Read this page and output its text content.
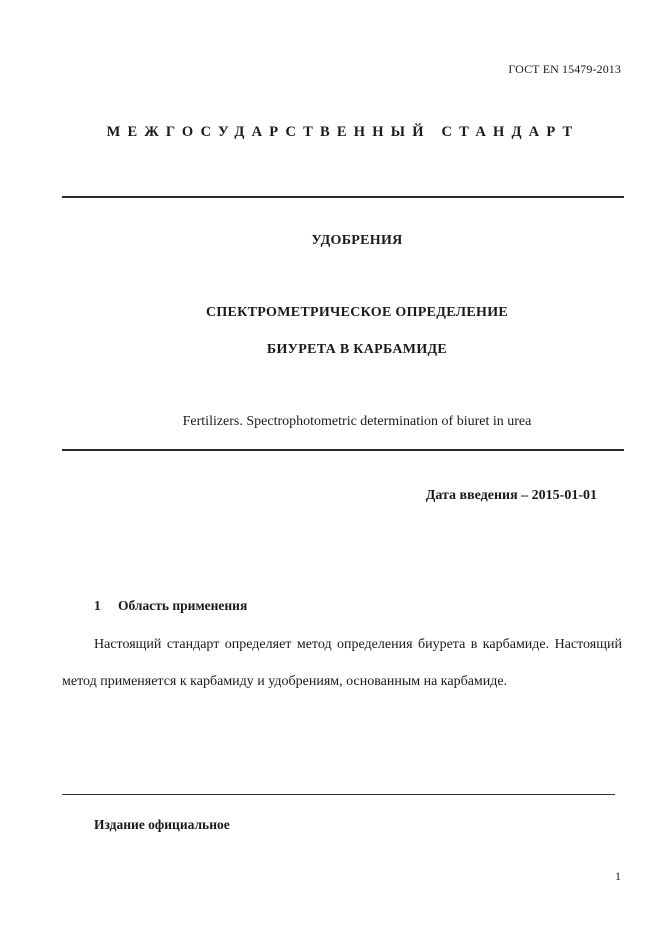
ГОСТ EN 15479-2013
МЕЖГОСУДАРСТВЕННЫЙ СТАНДАРТ
УДОБРЕНИЯ
СПЕКТРОМЕТРИЧЕСКОЕ ОПРЕДЕЛЕНИЕ
БИУРЕТА В КАРБАМИДЕ
Fertilizers. Spectrophotometric determination of biuret in urea
Дата введения – 2015-01-01
1 Область применения
Настоящий стандарт определяет метод определения биурета в карбамиде. Настоящий метод применяется к карбамиду и удобрениям, основанным на карбамиде.
Издание официальное
1
